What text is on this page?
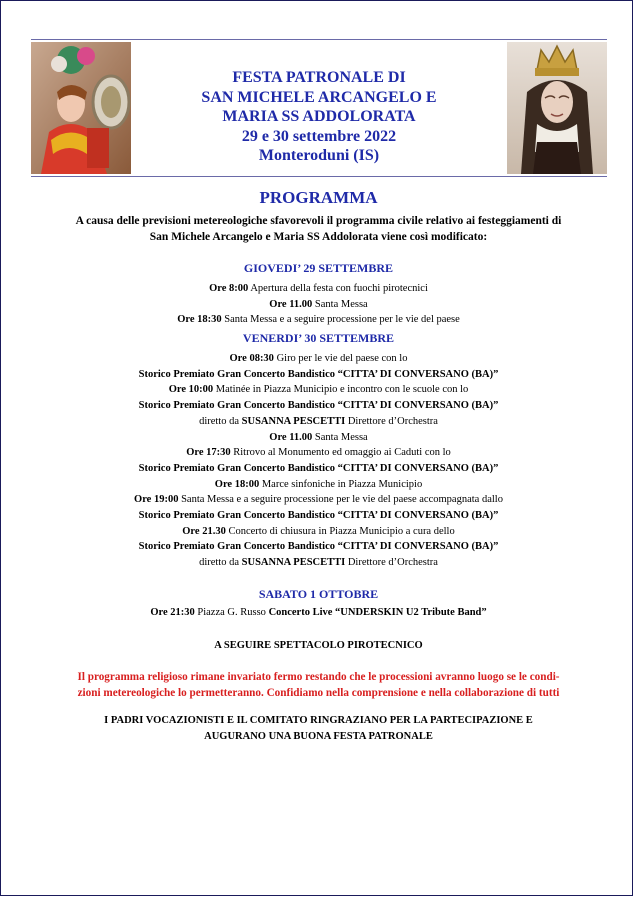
FESTA PATRONALE DI
SAN MICHELE ARCANGELO E
MARIA SS ADDOLORATA
29 e 30 settembre 2022
Monteroduni (IS)
PROGRAMMA
A causa delle previsioni metereologiche sfavorevoli il programma civile relativo ai festeggiamenti di
San Michele Arcangelo e Maria SS Addolorata viene così modificato:
GIOVEDI’ 29 SETTEMBRE
Ore 8:00 Apertura della festa con fuochi pirotecnici
Ore 11.00 Santa Messa
Ore 18:30 Santa Messa e a seguire processione per le vie del paese
VENERDI’ 30 SETTEMBRE
Ore 08:30 Giro per le vie del paese con lo
Storico Premiato Gran Concerto Bandistico “CITTA’ DI CONVERSANO (BA)”
Ore 10:00 Matinée in Piazza Municipio e incontro con le scuole con lo
Storico Premiato Gran Concerto Bandistico “CITTA’ DI CONVERSANO (BA)”
diretto da SUSANNA PESCETTI Direttore d’Orchestra
Ore 11.00 Santa Messa
Ore 17:30 Ritrovo al Monumento ed omaggio ai Caduti con lo
Storico Premiato Gran Concerto Bandistico “CITTA’ DI CONVERSANO (BA)”
Ore 18:00 Marce sinfoniche in Piazza Municipio
Ore 19:00 Santa Messa e a seguire processione per le vie del paese accompagnata dallo
Storico Premiato Gran Concerto Bandistico “CITTA’ DI CONVERSANO (BA)”
Ore 21.30 Concerto di chiusura in Piazza Municipio a cura dello
Storico Premiato Gran Concerto Bandistico “CITTA’ DI CONVERSANO (BA)”
diretto da SUSANNA PESCETTI Direttore d’Orchestra
SABATO 1 OTTOBRE
Ore 21:30 Piazza G. Russo Concerto Live “UNDERSKIN U2 Tribute Band”
A SEGUIRE SPETTACOLO PIROTECNICO
Il programma religioso rimane invariato fermo restando che le processioni avranno luogo se le condi-
zioni metereologiche lo permetteranno. Confidiamo nella comprensione e nella collaborazione di tutti
I PADRI VOCAZIONISTI E IL COMITATO RINGRAZIANO PER LA PARTECIPAZIONE E
AUGURANO UNA BUONA FESTA PATRONALE
